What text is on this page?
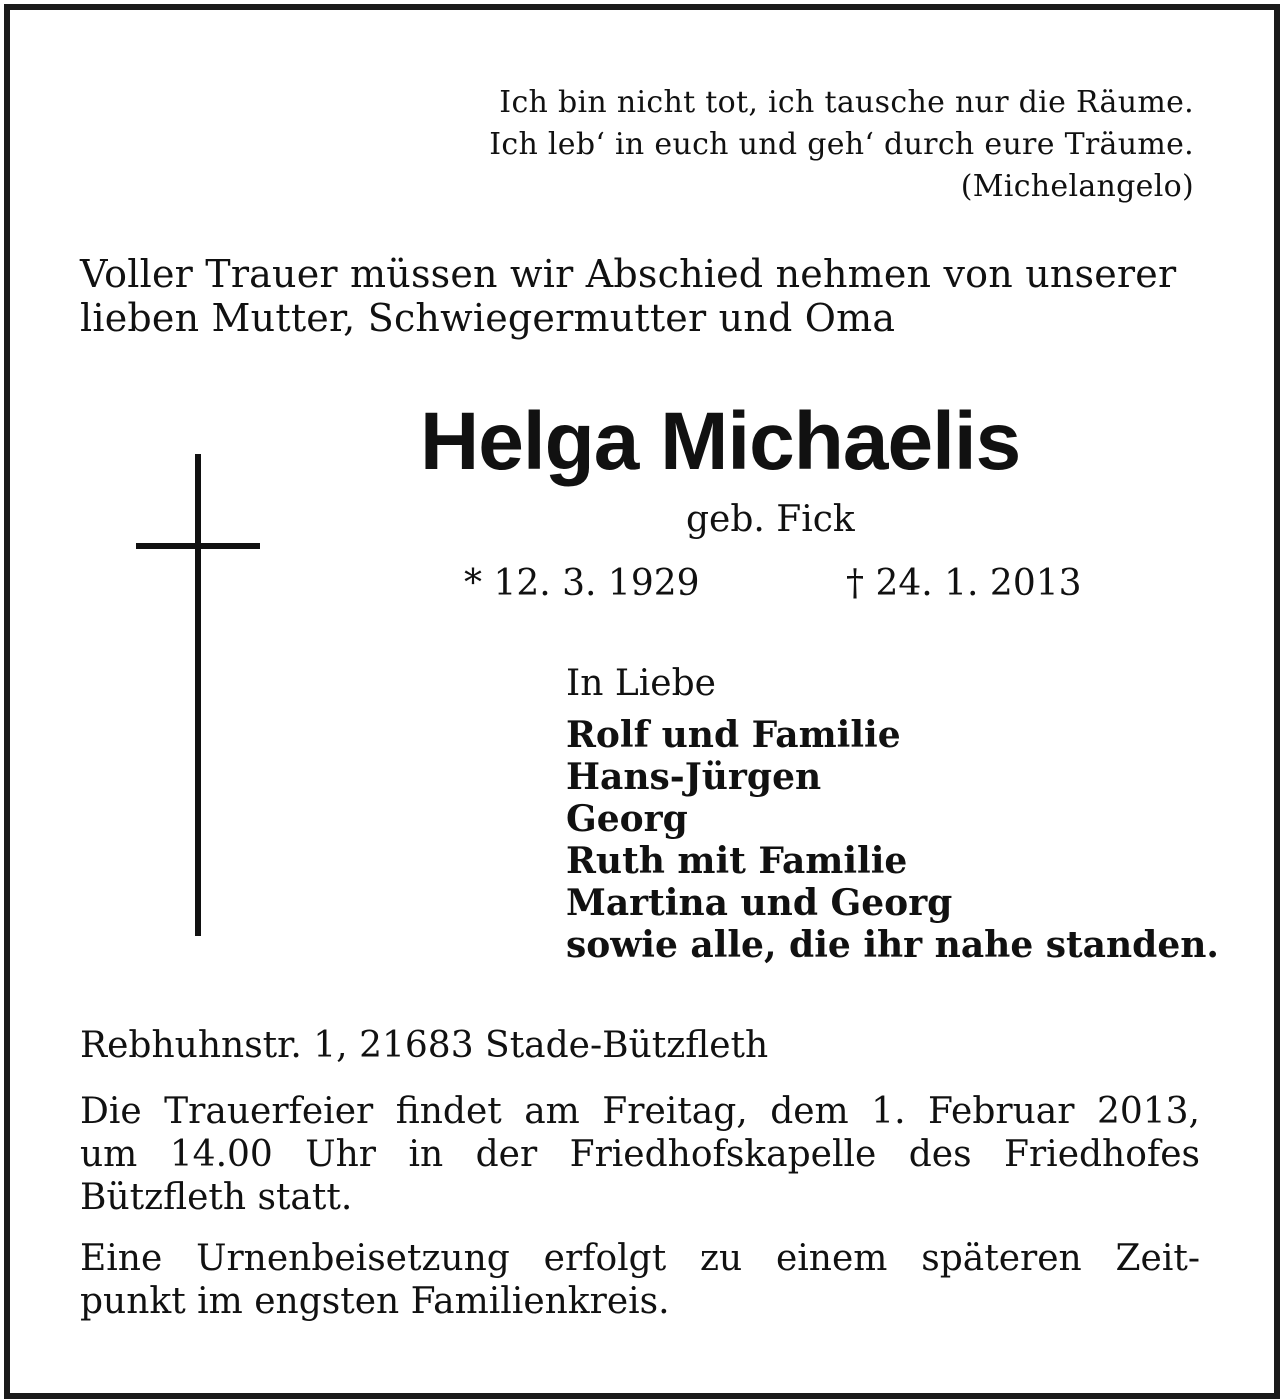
Ich bin nicht tot, ich tausche nur die Räume.
Ich leb‘ in euch und geh‘ durch eure Träume.
(Michelangelo)
Voller Trauer müssen wir Abschied nehmen von unserer
lieben Mutter, Schwiegermutter und Oma
Helga Michaelis
geb. Fick
* 12. 3. 1929	† 24. 1. 2013
In Liebe
Rolf und Familie
Hans-Jürgen
Georg
Ruth mit Familie
Martina und Georg
sowie alle, die ihr nahe standen.
Rebhuhnstr. 1, 21683 Stade-Bützfleth
Die Trauerfeier findet am Freitag, dem 1. Februar 2013,
um 14.00 Uhr in der Friedhofskapelle des Friedhofes
Bützfleth statt.
Eine Urnenbeisetzung erfolgt zu einem späteren Zeit-
punkt im engsten Familienkreis.
